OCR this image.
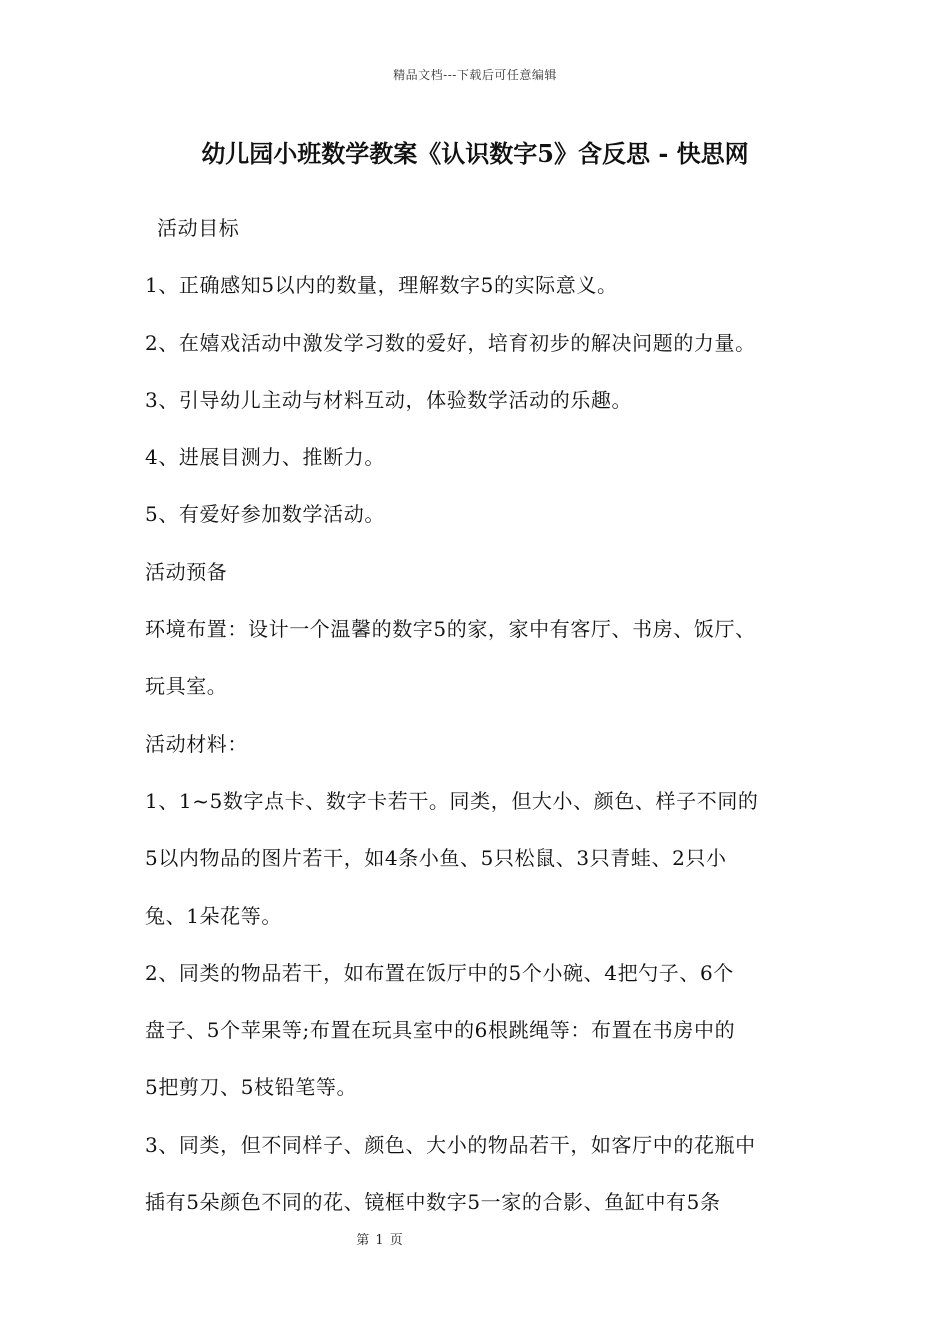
精品文档---下载后可任意编辑
幼儿园小班数学教案《认识数字5》含反思 - 快思网
活动目标
1、正确感知5以内的数量，理解数字5的实际意义。
2、在嬉戏活动中激发学习数的爱好，培育初步的解决问题的力量。
3、引导幼儿主动与材料互动，体验数学活动的乐趣。
4、进展目测力、推断力。
5、有爱好参加数学活动。
活动预备
环境布置：设计一个温馨的数字5的家，家中有客厅、书房、饭厅、
玩具室。
活动材料：
1、1~5数字点卡、数字卡若干。同类，但大小、颜色、样子不同的
5以内物品的图片若干，如4条小鱼、5只松鼠、3只青蛙、2只小
兔、1朵花等。
2、同类的物品若干，如布置在饭厅中的5个小碗、4把勺子、6个
盘子、5个苹果等;布置在玩具室中的6根跳绳等：布置在书房中的
5把剪刀、5枝铅笔等。
3、同类，但不同样子、颜色、大小的物品若干，如客厅中的花瓶中
插有5朵颜色不同的花、镜框中数字5一家的合影、鱼缸中有5条
第 1 页
